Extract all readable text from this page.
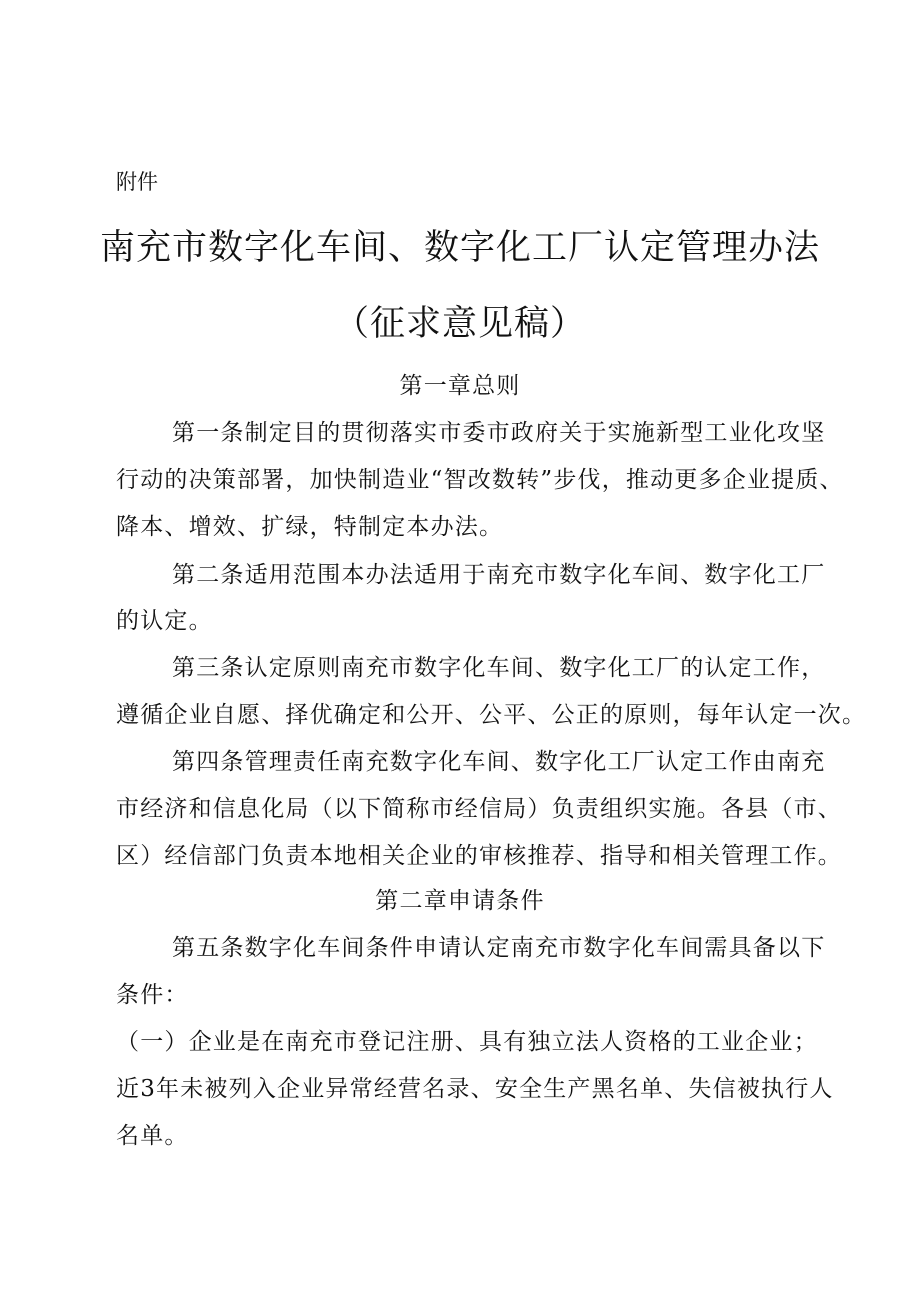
附件
南充市数字化车间、数字化工厂认定管理办法
（征求意见稿）
第一章总则
第一条制定目的贯彻落实市委市政府关于实施新型工业化攻坚
行动的决策部署，加快制造业“智改数转”步伐，推动更多企业提质、
降本、增效、扩绿，特制定本办法。
第二条适用范围本办法适用于南充市数字化车间、数字化工厂
的认定。
第三条认定原则南充市数字化车间、数字化工厂的认定工作，
遵循企业自愿、择优确定和公开、公平、公正的原则，每年认定一次。
第四条管理责任南充数字化车间、数字化工厂认定工作由南充
市经济和信息化局（以下简称市经信局）负责组织实施。各县（市、
区）经信部门负责本地相关企业的审核推荐、指导和相关管理工作。
第二章申请条件
第五条数字化车间条件申请认定南充市数字化车间需具备以下
条件：
（一）企业是在南充市登记注册、具有独立法人资格的工业企业；
近3年未被列入企业异常经营名录、安全生产黑名单、失信被执行人
名单。
